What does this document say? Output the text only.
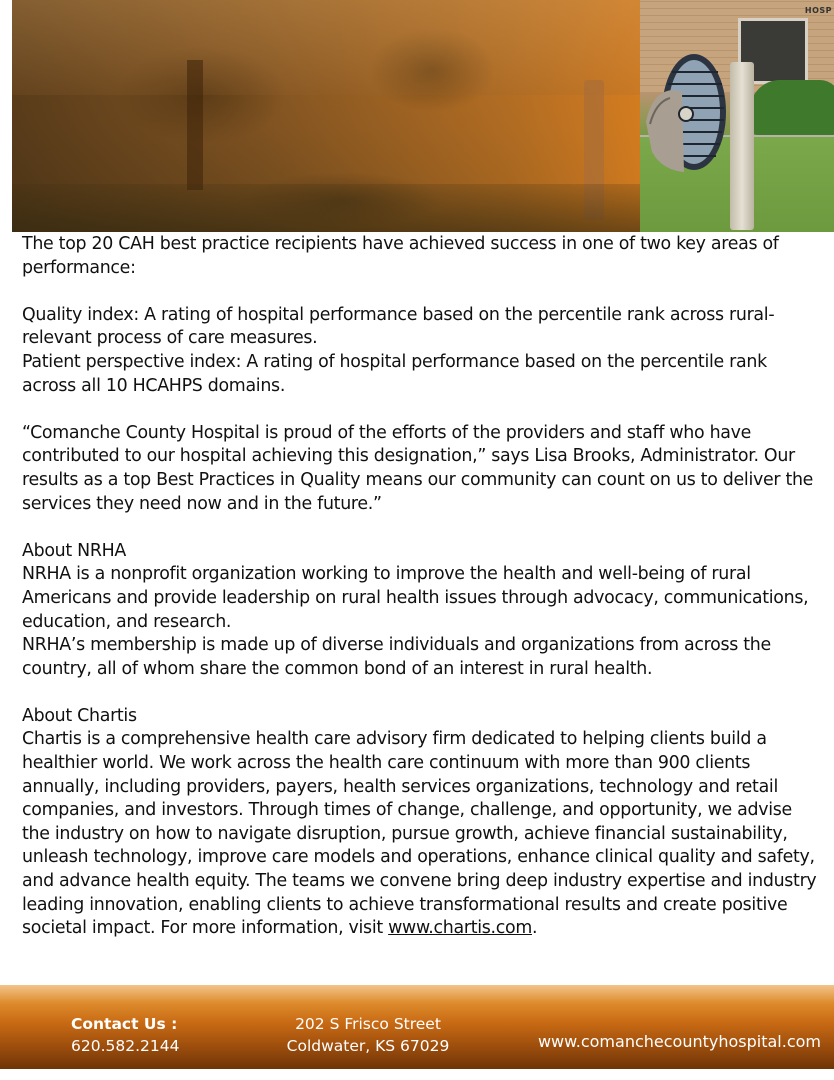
HOSP

The top 20 CAH best practice recipients have achieved success in one of two key areas of performance:

Quality index: A rating of hospital performance based on the percentile rank across rural-relevant process of care measures.

Patient perspective index: A rating of hospital performance based on the percentile rank across all 10 HCAHPS domains.

“Comanche County Hospital is proud of the efforts of the providers and staff who have contributed to our hospital achieving this designation,” says Lisa Brooks, Administrator. Our results as a top Best Practices in Quality means our community can count on us to deliver the services they need now and in the future.”

About NRHA

NRHA is a nonprofit organization working to improve the health and well-being of rural Americans and provide leadership on rural health issues through advocacy, communications, education, and research.

NRHA’s membership is made up of diverse individuals and organizations from across the country, all of whom share the common bond of an interest in rural health.

About Chartis

Chartis is a comprehensive health care advisory firm dedicated to helping clients build a healthier world. We work across the health care continuum with more than 900 clients annually, including providers, payers, health services organizations, technology and retail companies, and investors. Through times of change, challenge, and opportunity, we advise the industry on how to navigate disruption, pursue growth, achieve financial sustainability, unleash technology, improve care models and operations, enhance clinical quality and safety, and advance health equity. The teams we convene bring deep industry expertise and industry leading innovation, enabling clients to achieve transformational results and create positive societal impact. For more information, visit www.chartis.com.

Contact Us :
620.582.2144
202 S Frisco Street
Coldwater, KS 67029	www.comanchecountyhospital.com
